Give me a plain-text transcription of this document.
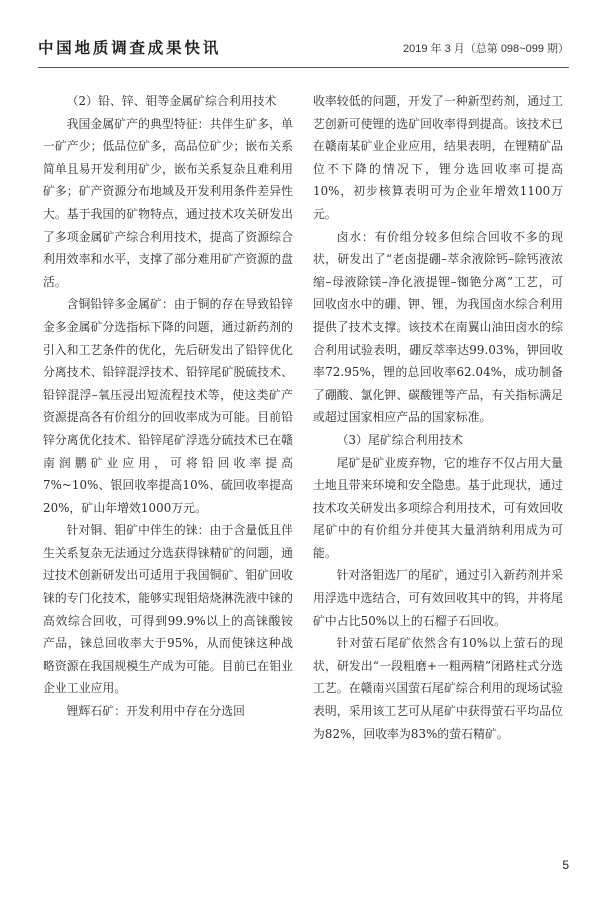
中国地质调查成果快讯	2019 年 3 月（总第 098~099 期）

（2）铅、锌、钼等金属矿综合利用技术

我国金属矿产的典型特征：共伴生矿多，单一矿产少；低品位矿多，高品位矿少；嵌布关系简单且易开发利用矿少，嵌布关系复杂且难利用矿多；矿产资源分布地域及开发利用条件差异性大。基于我国的矿物特点，通过技术攻关研发出了多项金属矿产综合利用技术，提高了资源综合利用效率和水平，支撑了部分难用矿产资源的盘活。

含铜铅锌多金属矿：由于铜的存在导致铅锌金多金属矿分选指标下降的问题，通过新药剂的引入和工艺条件的优化，先后研发出了铅锌优化分离技术、铅锌混浮技术、铅锌尾矿脱硫技术、铅锌混浮–氧压浸出短流程技术等，使这类矿产资源提高各有价组分的回收率成为可能。目前铅锌分离优化技术、铅锌尾矿浮选分硫技术已在赣南润鹏矿业应用，可将铅回收率提高7%~10%、银回收率提高10%、硫回收率提高20%，矿山年增效1000万元。

针对铜、钼矿中伴生的铼：由于含量低且伴生关系复杂无法通过分选获得铼精矿的问题，通过技术创新研发出可适用于我国铜矿、钼矿回收铼的专门化技术，能够实现钼焙烧淋洗液中铼的高效综合回收，可得到99.9%以上的高铼酸铵产品，铼总回收率大于95%，从而使铼这种战略资源在我国规模生产成为可能。目前已在钼业企业工业应用。

锂辉石矿：开发利用中存在分选回

收率较低的问题，开发了一种新型药剂，通过工艺创新可使锂的选矿回收率得到提高。该技术已在赣南某矿业企业应用，结果表明，在锂精矿品位不下降的情况下，锂分选回收率可提高10%，初步核算表明可为企业年增效1100万元。

卤水：有价组分较多但综合回收不多的现状，研发出了“老卤提硼–萃余液除钙–除钙液浓缩–母液除镁–净化液提锂–铷铯分离”工艺，可回收卤水中的硼、钾、锂，为我国卤水综合利用提供了技术支撑。该技术在南翼山油田卤水的综合利用试验表明，硼反萃率达99.03%，钾回收率72.95%，锂的总回收率62.04%，成功制备了硼酸、氯化钾、碳酸锂等产品，有关指标满足或超过国家相应产品的国家标准。

（3）尾矿综合利用技术

尾矿是矿业废弃物，它的堆存不仅占用大量土地且带来环境和安全隐患。基于此现状，通过技术攻关研发出多项综合利用技术，可有效回收尾矿中的有价组分并使其大量消纳利用成为可能。

针对洛钼选厂的尾矿，通过引入新药剂并采用浮选中选结合，可有效回收其中的钨，并将尾矿中占比50%以上的石榴子石回收。

针对萤石尾矿依然含有10%以上萤石的现状，研发出“一段粗磨+一粗两精”闭路柱式分选工艺。在赣南兴国萤石尾矿综合利用的现场试验表明，采用该工艺可从尾矿中获得萤石平均品位为82%，回收率为83%的萤石精矿。

5
